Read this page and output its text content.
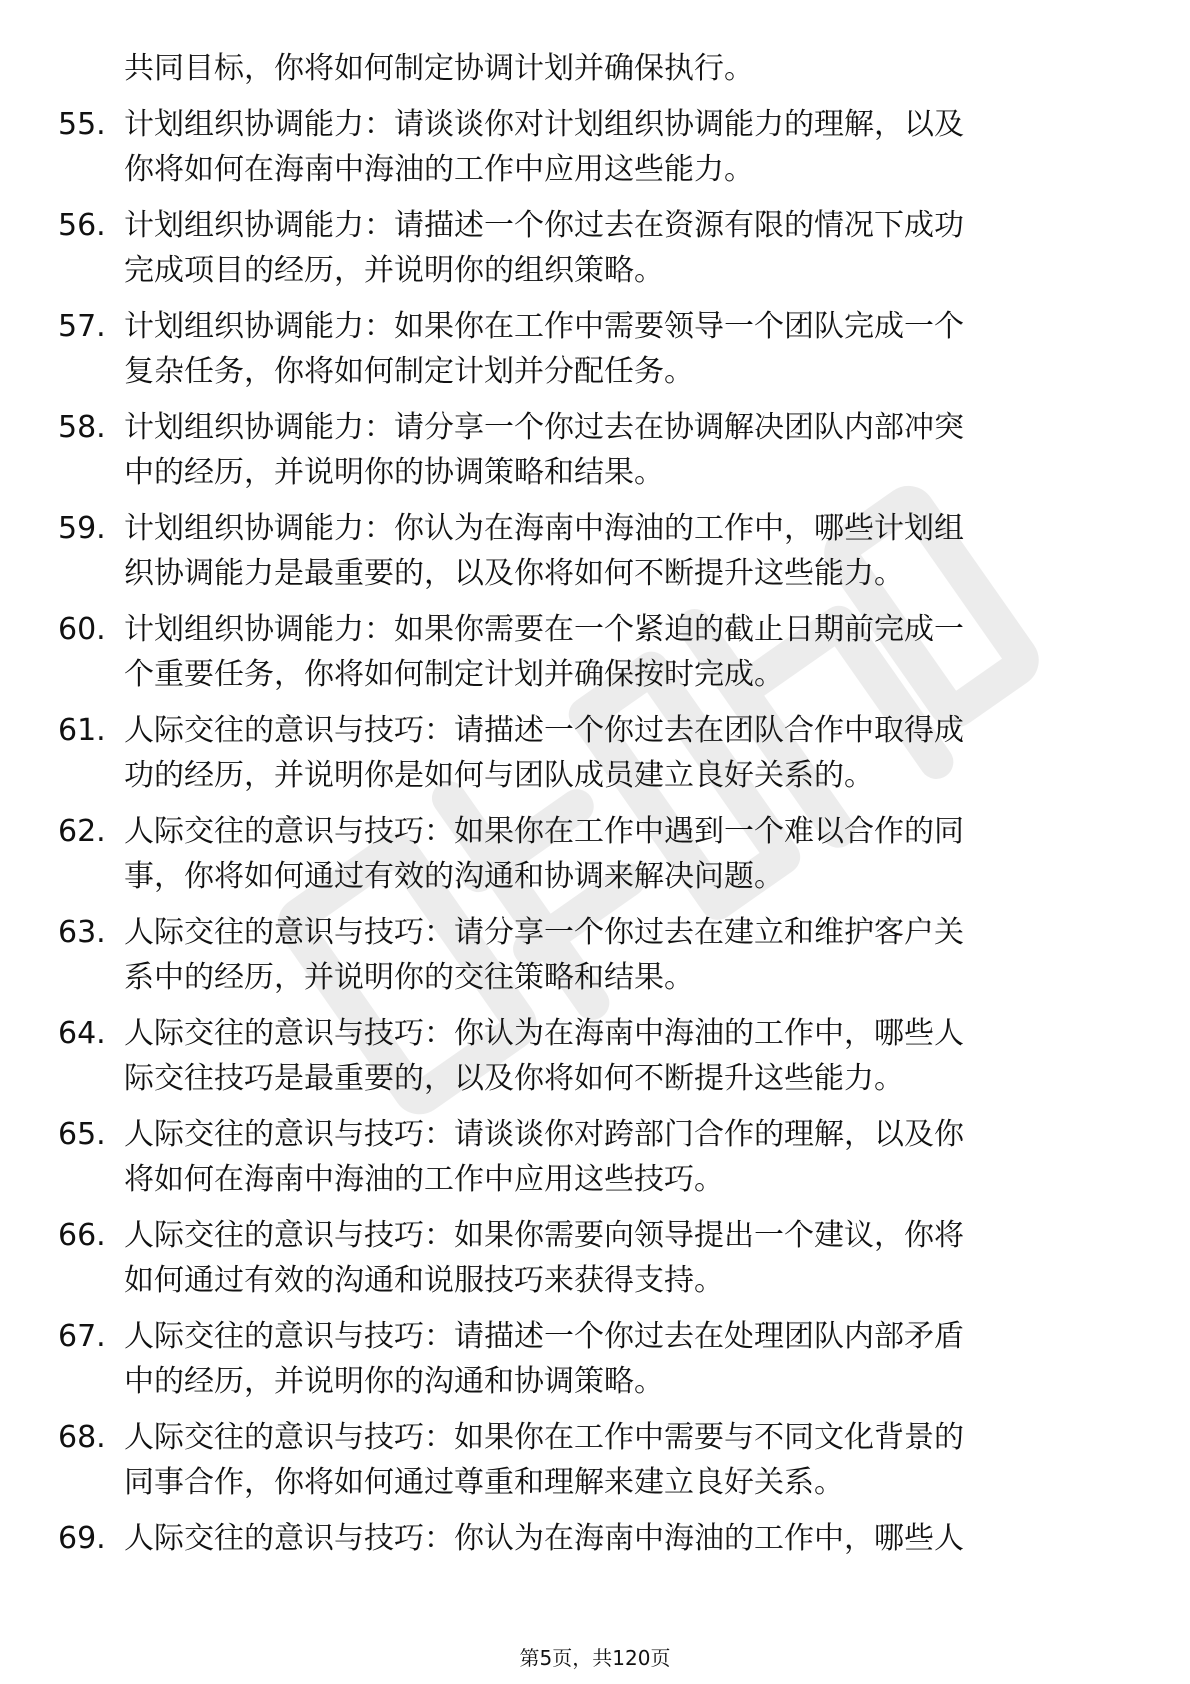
共同目标，你将如何制定协调计划并确保执行。
55. 计划组织协调能力：请谈谈你对计划组织协调能力的理解，以及
你将如何在海南中海油的工作中应用这些能力。
56. 计划组织协调能力：请描述一个你过去在资源有限的情况下成功
完成项目的经历，并说明你的组织策略。
57. 计划组织协调能力：如果你在工作中需要领导一个团队完成一个
复杂任务，你将如何制定计划并分配任务。
58. 计划组织协调能力：请分享一个你过去在协调解决团队内部冲突
中的经历，并说明你的协调策略和结果。
59. 计划组织协调能力：你认为在海南中海油的工作中，哪些计划组
织协调能力是最重要的，以及你将如何不断提升这些能力。
60. 计划组织协调能力：如果你需要在一个紧迫的截止日期前完成一
个重要任务，你将如何制定计划并确保按时完成。
61. 人际交往的意识与技巧：请描述一个你过去在团队合作中取得成
功的经历，并说明你是如何与团队成员建立良好关系的。
62. 人际交往的意识与技巧：如果你在工作中遇到一个难以合作的同
事，你将如何通过有效的沟通和协调来解决问题。
63. 人际交往的意识与技巧：请分享一个你过去在建立和维护客户关
系中的经历，并说明你的交往策略和结果。
64. 人际交往的意识与技巧：你认为在海南中海油的工作中，哪些人
际交往技巧是最重要的，以及你将如何不断提升这些能力。
65. 人际交往的意识与技巧：请谈谈你对跨部门合作的理解，以及你
将如何在海南中海油的工作中应用这些技巧。
66. 人际交往的意识与技巧：如果你需要向领导提出一个建议，你将
如何通过有效的沟通和说服技巧来获得支持。
67. 人际交往的意识与技巧：请描述一个你过去在处理团队内部矛盾
中的经历，并说明你的沟通和协调策略。
68. 人际交往的意识与技巧：如果你在工作中需要与不同文化背景的
同事合作，你将如何通过尊重和理解来建立良好关系。
69. 人际交往的意识与技巧：你认为在海南中海油的工作中，哪些人
第5页，共120页
